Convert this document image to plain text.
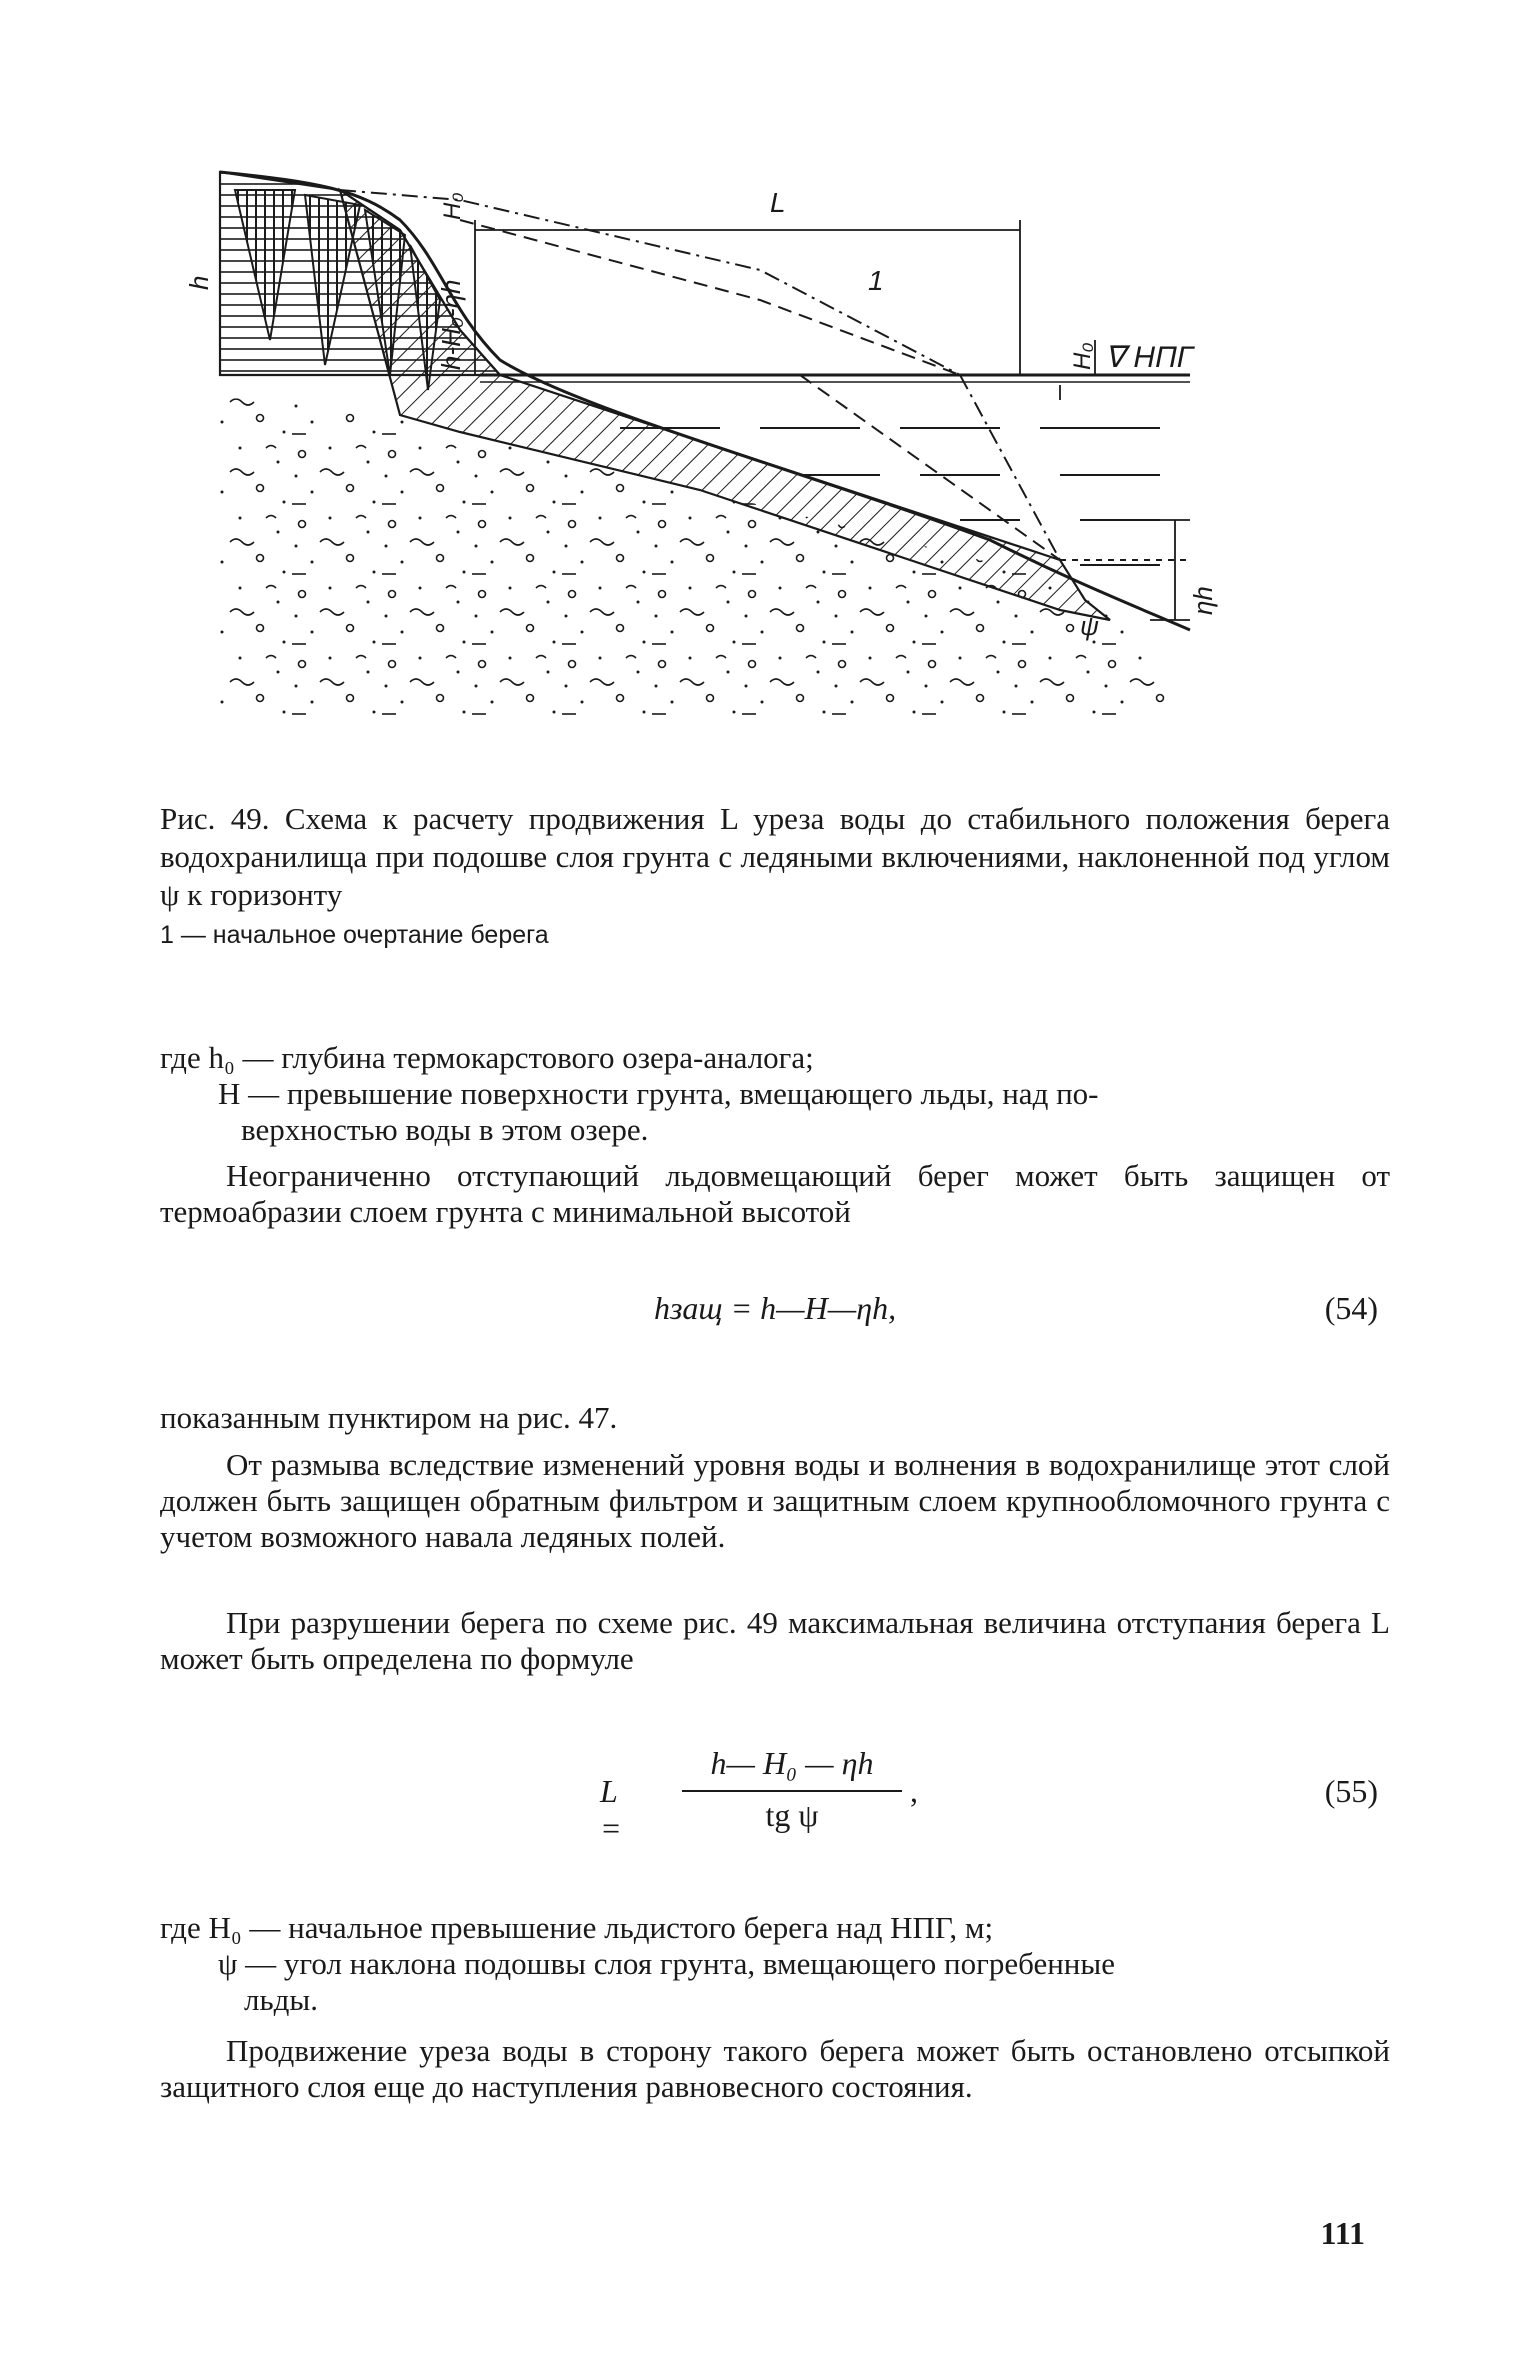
L
1
∇ НПГ
h	h-H₀-ηh
H₀
H₀
ηh
ψ

Рис. 49. Схема к расчету продвижения L уреза воды до стабильного положения берега водохранилища при подошве слоя грунта с ледяными включениями, наклоненной под углом ψ к горизонту

1 — начальное очертание берега

где h₀ — глубина термокарстового озера-аналога;
H — превышение поверхности грунта, вмещающего льды, над по-
верхностью воды в этом озере.

Неограниченно отступающий льдовмещающий берег может быть защищен от термоабразии слоем грунта с минимальной высотой

hзащ = h—H—ηh,	(54)

показанным пунктиром на рис. 47.

От размыва вследствие изменений уровня воды и волнения в водохранилище этот слой должен быть защищен обратным фильтром и защитным слоем крупнообломочного грунта с учетом возможного навала ледяных полей.

При разрушении берега по схеме рис. 49 максимальная величина отступания берега L может быть определена по формуле

L =
h— H₀ — ηh
tg ψ
,	(55)
где H₀ — начальное превышение льдистого берега над НПГ, м;
ψ — угол наклона подошвы слоя грунта, вмещающего погребенные
льды.

Продвижение уреза воды в сторону такого берега может быть остановлено отсыпкой защитного слоя еще до наступления равновесного состояния.

111
